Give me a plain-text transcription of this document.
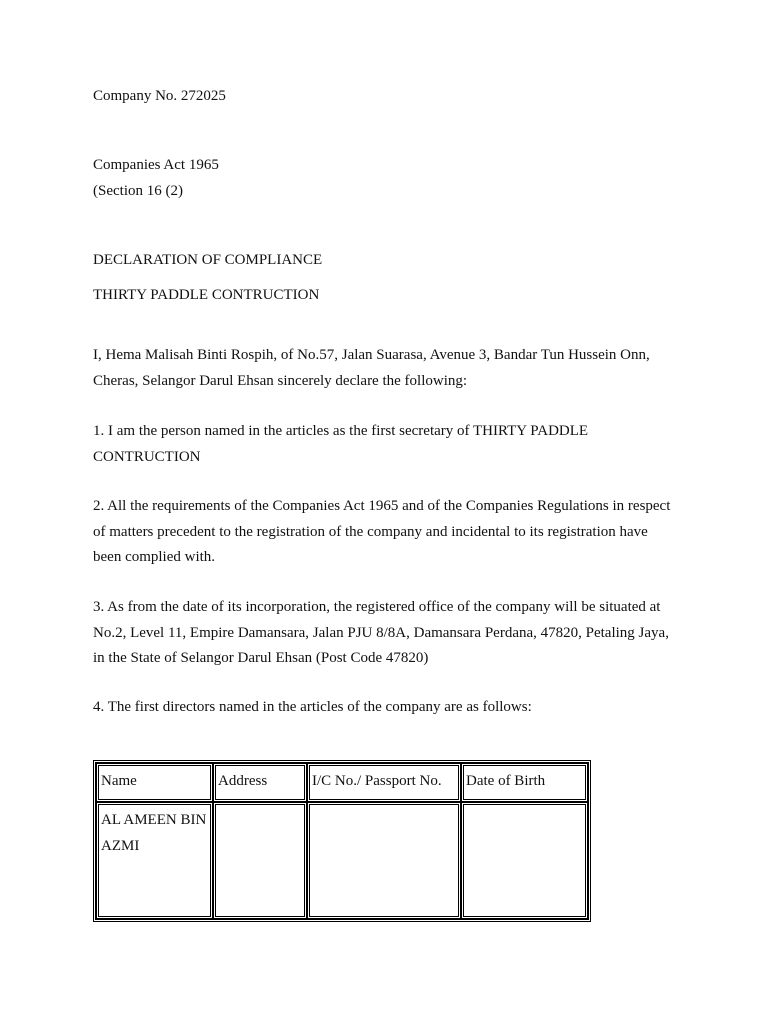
Company No. 272025

Companies Act 1965

(Section 16 (2)

DECLARATION OF COMPLIANCE

THIRTY PADDLE CONTRUCTION

I, Hema Malisah Binti Rospih, of No.57, Jalan Suarasa, Avenue 3, Bandar Tun Hussein Onn, Cheras, Selangor Darul Ehsan sincerely declare the following:

1. I am the person named in the articles as the first secretary of THIRTY PADDLE CONTRUCTION

2. All the requirements of the Companies Act 1965 and of the Companies Regulations in respect of matters precedent to the registration of the company and incidental to its registration have been complied with.

3. As from the date of its incorporation, the registered office of the company will be situated at No.2, Level 11, Empire Damansara, Jalan PJU 8/8A, Damansara Perdana, 47820, Petaling Jaya, in the State of Selangor Darul Ehsan (Post Code 47820)

4. The first directors named in the articles of the company are as follows:

Name	Address	I/C No./ Passport No.	Date of Birth
AL AMEEN BIN AZMI			
